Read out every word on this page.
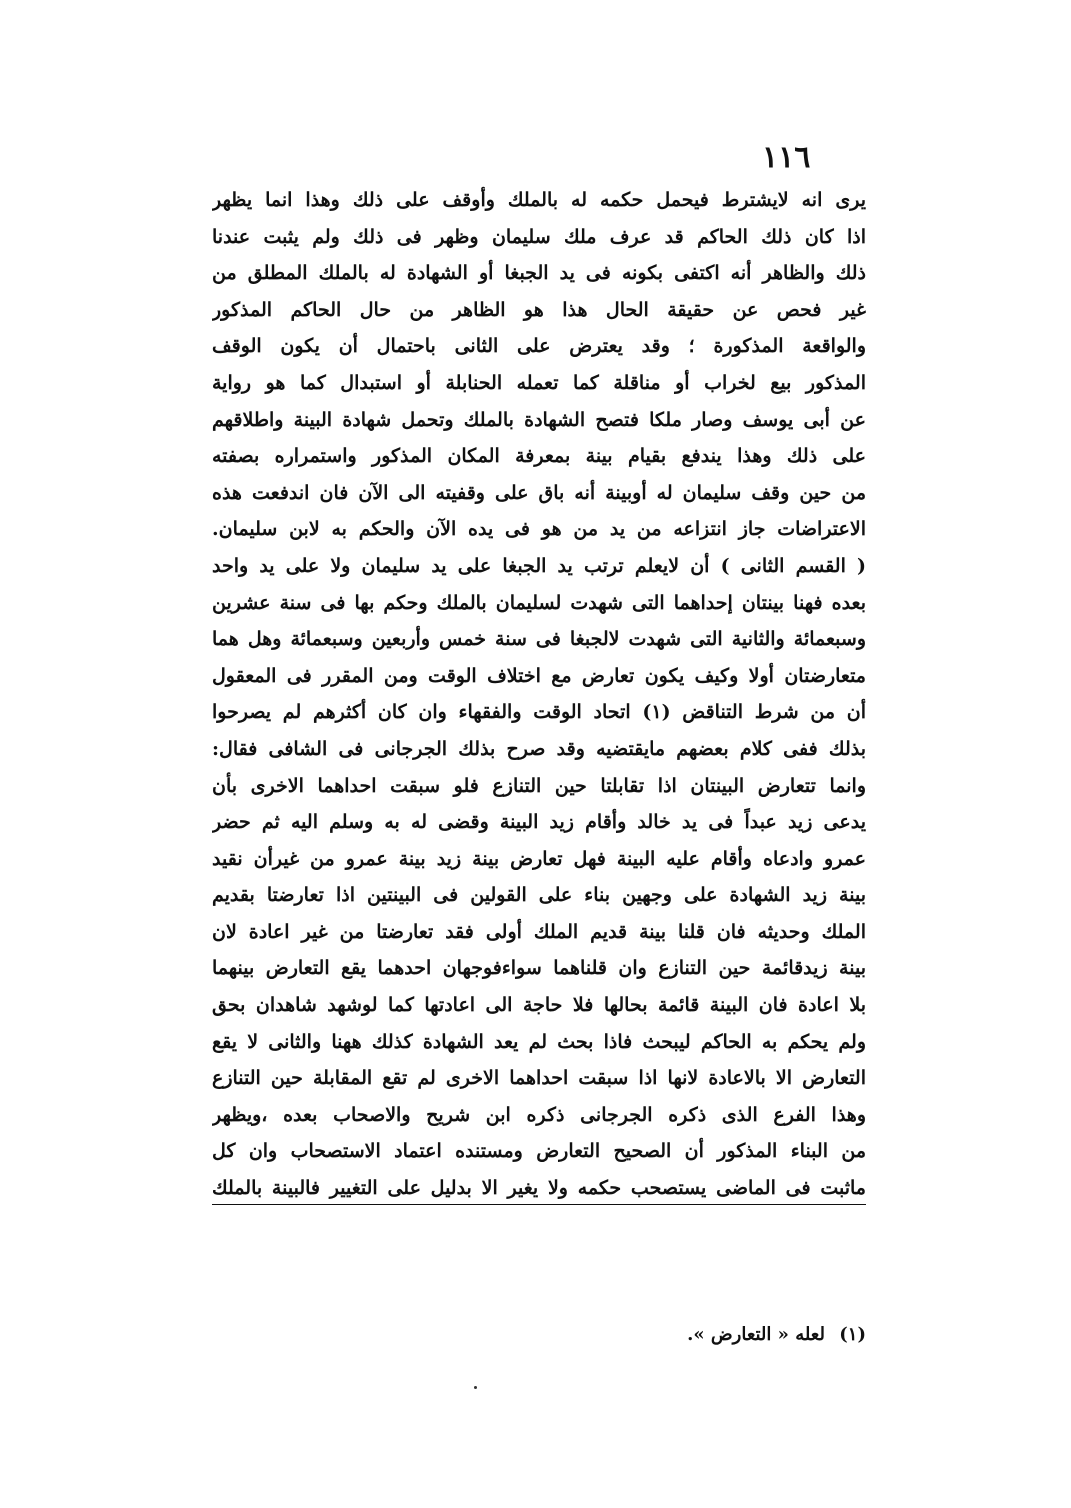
١١٦
يرى انه لايشترط فيحمل حكمه له بالملك وأوقف على ذلك وهذا انما يظهر
اذا كان ذلك الحاكم قد عرف ملك سليمان وظهر فى ذلك ولم يثبت عندنا
ذلك والظاهر أنه اكتفى بكونه فى يد الجبغا أو الشهادة له بالملك المطلق من
غير فحص عن حقيقة الحال هذا هو الظاهر من حال الحاكم المذكور
والواقعة المذكورة ؛ وقد يعترض على الثانى باحتمال أن يكون الوقف
المذكور بيع لخراب أو مناقلة كما تعمله الحنابلة أو استبدال كما هو رواية
عن أبى يوسف وصار ملكا فتصح الشهادة بالملك وتحمل شهادة البينة واطلاقهم
على ذلك وهذا يندفع بقيام بينة بمعرفة المكان المذكور واستمراره بصفته
من حين وقف سليمان له أوبينة أنه باق على وقفيته الى الآن فان اندفعت هذه
الاعتراضات جاز انتزاعه من يد من هو فى يده الآن والحكم به لابن سليمان.
( القسم الثانى ) أن لايعلم ترتب يد الجبغا على يد سليمان ولا على يد واحد
بعده فهنا بينتان إحداهما التى شهدت لسليمان بالملك وحكم بها فى سنة عشرين
وسبعمائة والثانية التى شهدت لالجبغا فى سنة خمس وأربعين وسبعمائة وهل هما
متعارضتان أولا وكيف يكون تعارض مع اختلاف الوقت ومن المقرر فى المعقول
أن من شرط التناقض (١) اتحاد الوقت والفقهاء وان كان أكثرهم لم يصرحوا
بذلك ففى كلام بعضهم مايقتضيه وقد صرح بذلك الجرجانى فى الشافى فقال:
وانما تتعارض البينتان اذا تقابلتا حين التنازع فلو سبقت احداهما الاخرى بأن
يدعى زيد عبداً فى يد خالد وأقام زيد البينة وقضى له به وسلم اليه ثم حضر
عمرو وادعاه وأقام عليه البينة فهل تعارض بينة زيد بينة عمرو من غيرأن نقيد
بينة زيد الشهادة على وجهين بناء على القولين فى البينتين اذا تعارضتا بقديم
الملك وحديثه فان قلنا بينة قديم الملك أولى فقد تعارضتا من غير اعادة لان
بينة زيدقائمة حين التنازع وان قلناهما سواءفوجهان احدهما يقع التعارض بينهما
بلا اعادة فان البينة قائمة بحالها فلا حاجة الى اعادتها كما لوشهد شاهدان بحق
ولم يحكم به الحاكم ليبحث فاذا بحث لم يعد الشهادة كذلك ههنا والثانى لا يقع
التعارض الا بالاعادة لانها اذا سبقت احداهما الاخرى لم تقع المقابلة حين التنازع
وهذا الفرع الذى ذكره الجرجانى ذكره ابن شريح والاصحاب بعده ،ويظهر
من البناء المذكور أن الصحيح التعارض ومستنده اعتماد الاستصحاب وان كل
ماثبت فى الماضى يستصحب حكمه ولا يغير الا بدليل على التغيير فالبينة بالملك
(١) لعله « التعارض ».
